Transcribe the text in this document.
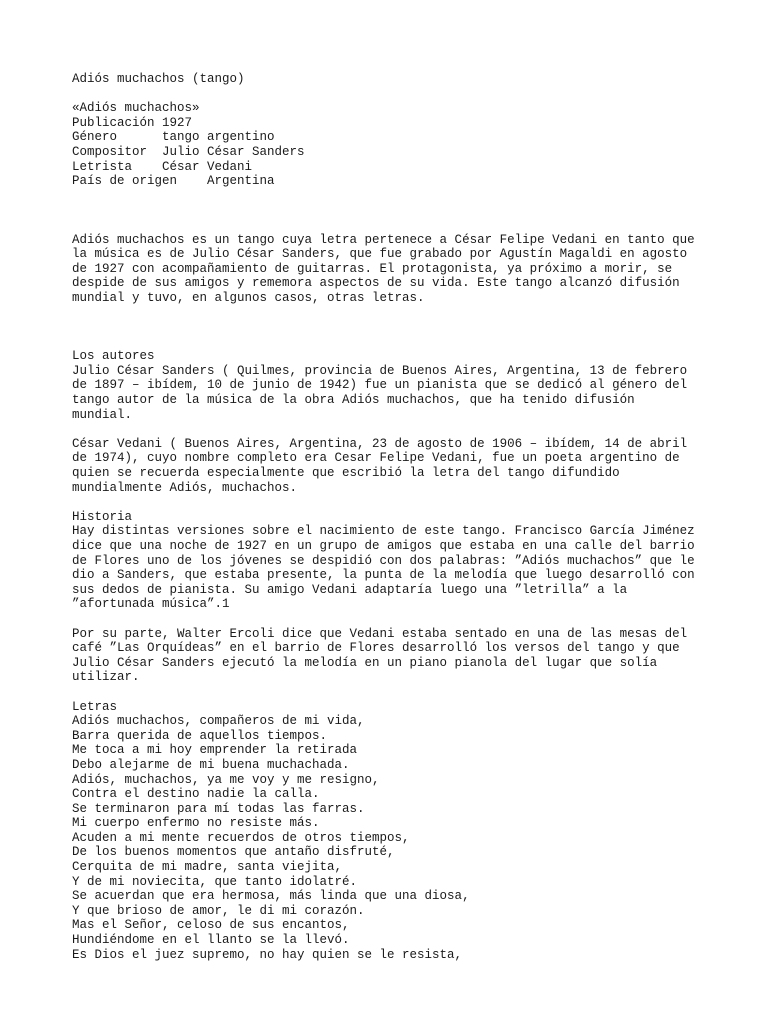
Adiós muchachos (tango)
«Adiós muchachos»
Publicación 1927
Género tango argentino
Compositor Julio César Sanders
Letrista César Vedani
País de origen Argentina
Adiós muchachos es un tango cuya letra pertenece a César Felipe Vedani en tanto que
la música es de Julio César Sanders, que fue grabado por Agustín Magaldi en agosto
de 1927 con acompañamiento de guitarras. El protagonista, ya próximo a morir, se
despide de sus amigos y rememora aspectos de su vida. Este tango alcanzó difusión
mundial y tuvo, en algunos casos, otras letras.
Los autores
Julio César Sanders ( Quilmes, provincia de Buenos Aires, Argentina, 13 de febrero
de 1897 – ibídem, 10 de junio de 1942) fue un pianista que se dedicó al género del
tango autor de la música de la obra Adiós muchachos, que ha tenido difusión
mundial.
César Vedani ( Buenos Aires, Argentina, 23 de agosto de 1906 – ibídem, 14 de abril
de 1974), cuyo nombre completo era Cesar Felipe Vedani, fue un poeta argentino de
quien se recuerda especialmente que escribió la letra del tango difundido
mundialmente Adiós, muchachos.
Historia
Hay distintas versiones sobre el nacimiento de este tango. Francisco García Jiménez
dice que una noche de 1927 en un grupo de amigos que estaba en una calle del barrio
de Flores uno de los jóvenes se despidió con dos palabras: ”Adiós muchachos” que le
dio a Sanders, que estaba presente, la punta de la melodía que luego desarrolló con
sus dedos de pianista. Su amigo Vedani adaptaría luego una ”letrilla” a la
”afortunada música”.1
Por su parte, Walter Ercoli dice que Vedani estaba sentado en una de las mesas del
café ”Las Orquídeas” en el barrio de Flores desarrolló los versos del tango y que
Julio César Sanders ejecutó la melodía en un piano pianola del lugar que solía
utilizar.
Letras
Adiós muchachos, compañeros de mi vida,
Barra querida de aquellos tiempos.
Me toca a mi hoy emprender la retirada
Debo alejarme de mi buena muchachada.
Adiós, muchachos, ya me voy y me resigno,
Contra el destino nadie la calla.
Se terminaron para mí todas las farras.
Mi cuerpo enfermo no resiste más.
Acuden a mi mente recuerdos de otros tiempos,
De los buenos momentos que antaño disfruté,
Cerquita de mi madre, santa viejita,
Y de mi noviecita, que tanto idolatré.
Se acuerdan que era hermosa, más linda que una diosa,
Y que brioso de amor, le di mi corazón.
Mas el Señor, celoso de sus encantos,
Hundiéndome en el llanto se la llevó.
Es Dios el juez supremo, no hay quien se le resista,
